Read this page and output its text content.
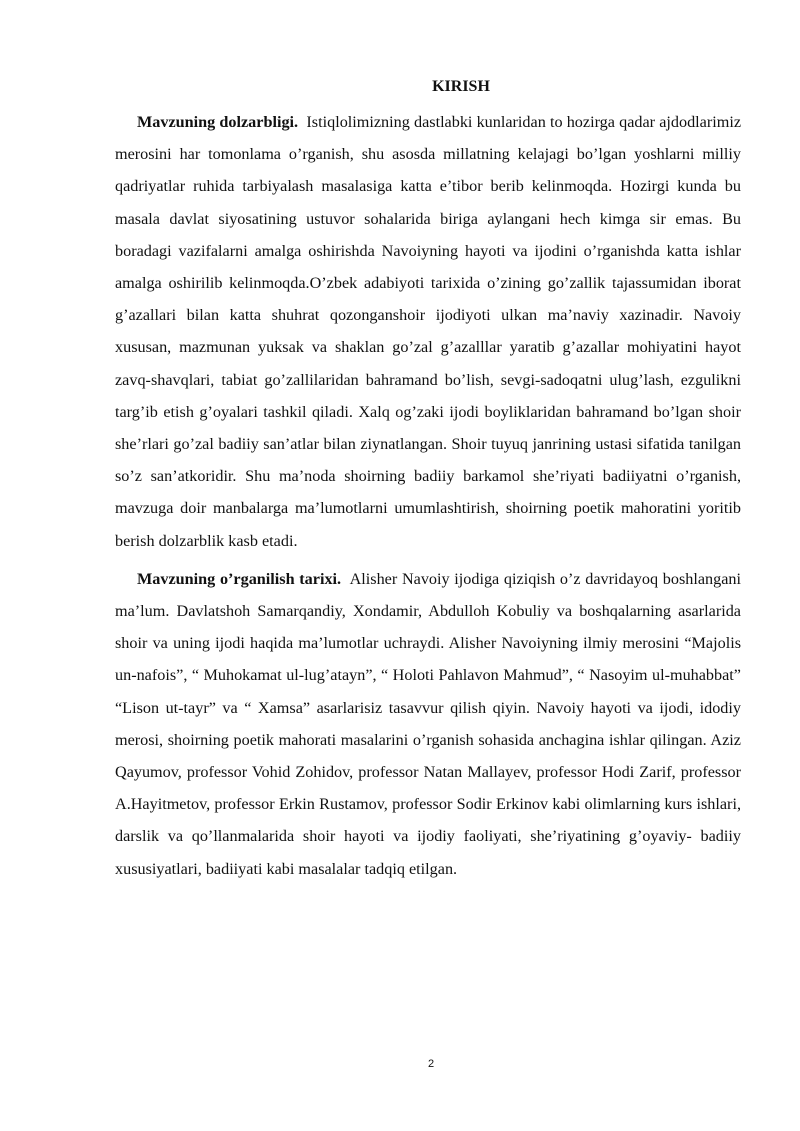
KIRISH

Mavzuning dolzarbligi. Istiqlolimizning dastlabki kunlaridan to hozirga qadar ajdodlarimiz merosini har tomonlama o’rganish, shu asosda millatning kelajagi bo’lgan yoshlarni milliy qadriyatlar ruhida tarbiyalash masalasiga katta e’tibor berib kelinmoqda. Hozirgi kunda bu masala davlat siyosatining ustuvor sohalarida biriga aylangani hech kimga sir emas. Bu boradagi vazifalarni amalga oshirishda Navoiyning hayoti va ijodini o’rganishda katta ishlar amalga oshirilib kelinmoqda.O’zbek adabiyoti tarixida o’zining go’zallik tajassumidan iborat g’azallari bilan katta shuhrat qozonganshoir ijodiyoti ulkan ma’naviy xazinadir. Navoiy xususan, mazmunan yuksak va shaklan go’zal g’azalllar yaratib g’azallar mohiyatini hayot zavq-shavqlari, tabiat go’zallilaridan bahramand bo’lish, sevgi-sadoqatni ulug’lash, ezgulikni targ’ib etish g’oyalari tashkil qiladi. Xalq og’zaki ijodi boyliklaridan bahramand bo’lgan shoir she’rlari go’zal badiiy san’atlar bilan ziynatlangan. Shoir tuyuq janrining ustasi sifatida tanilgan so’z san’atkoridir. Shu ma’noda shoirning badiiy barkamol she’riyati badiiyatni o’rganish, mavzuga doir manbalarga ma’lumotlarni umumlashtirish, shoirning poetik mahoratini yoritib berish dolzarblik kasb etadi.

Mavzuning o’rganilish tarixi. Alisher Navoiy ijodiga qiziqish o’z davridayoq boshlangani ma’lum. Davlatshoh Samarqandiy, Xondamir, Abdulloh Kobuliy va boshqalarning asarlarida shoir va uning ijodi haqida ma’lumotlar uchraydi. Alisher Navoiyning ilmiy merosini “Majolis un-nafois”, “ Muhokamat ul-lug’atayn”, “ Holoti Pahlavon Mahmud”, “ Nasoyim ul-muhabbat” “Lison ut-tayr” va “ Xamsa” asarlarisiz tasavvur qilish qiyin. Navoiy hayoti va ijodi, idodiy merosi, shoirning poetik mahorati masalarini o’rganish sohasida anchagina ishlar qilingan. Aziz Qayumov, professor Vohid Zohidov, professor Natan Mallayev, professor Hodi Zarif, professor A.Hayitmetov, professor Erkin Rustamov, professor Sodir Erkinov kabi olimlarning kurs ishlari, darslik va qo’llanmalarida shoir hayoti va ijodiy faoliyati, she’riyatining g’oyaviy- badiiy xususiyatlari, badiiyati kabi masalalar tadqiq etilgan.

2
